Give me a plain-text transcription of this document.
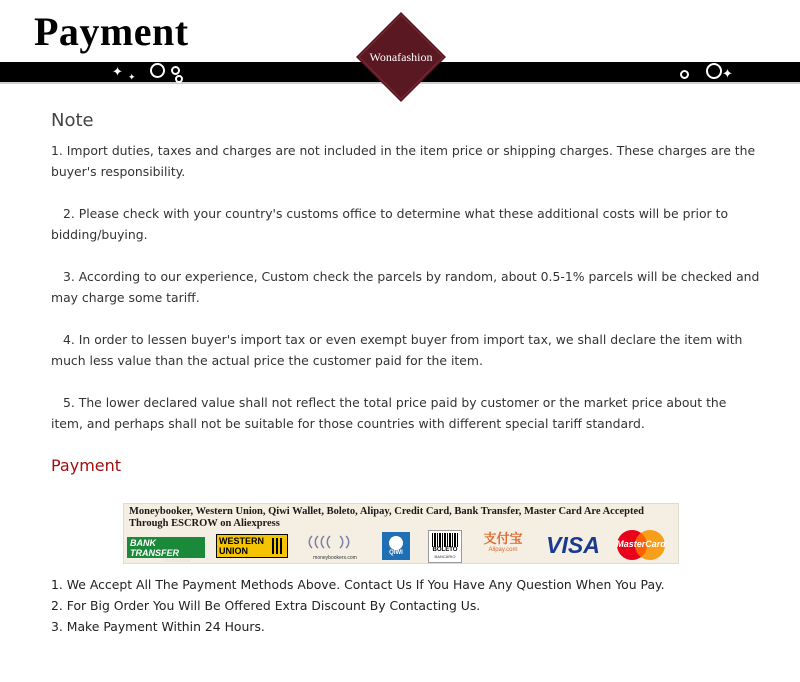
Payment
✦ ✦	✦
Wonafashion
Note
1. Import duties, taxes and charges are not included in the item price or shipping charges. These charges are the buyer's responsibility.
2. Please check with your country's customs office to determine what these additional costs will be prior to bidding/buying.
3. According to our experience, Custom check the parcels by random, about 0.5-1% parcels will be checked and may charge some tariff.
4. In order to lessen buyer's import tax or even exempt buyer from import tax, we shall declare the item with much less value than the actual price the customer paid for the item.
5. The lower declared value shall not reflect the total price paid by customer or the market price about the item, and perhaps shall not be suitable for those countries with different special tariff standard.
Payment
Moneybooker, Western Union, Qiwi Wallet, Boleto, Alipay, Credit Card, Bank Transfer, Master Card Are Accepted Through ESCROW on Aliexpress
BANK TRANSFER
International
WESTERN UNION
moneybookers.com
QIWI	BOLETO
BANCÁRIO
支付宝
Alipay.com	VISA	MasterCard
1. We Accept All The Payment Methods Above. Contact Us If You Have Any Question When You Pay.
2. For Big Order You Will Be Offered Extra Discount By Contacting Us.
3. Make Payment Within 24 Hours.
